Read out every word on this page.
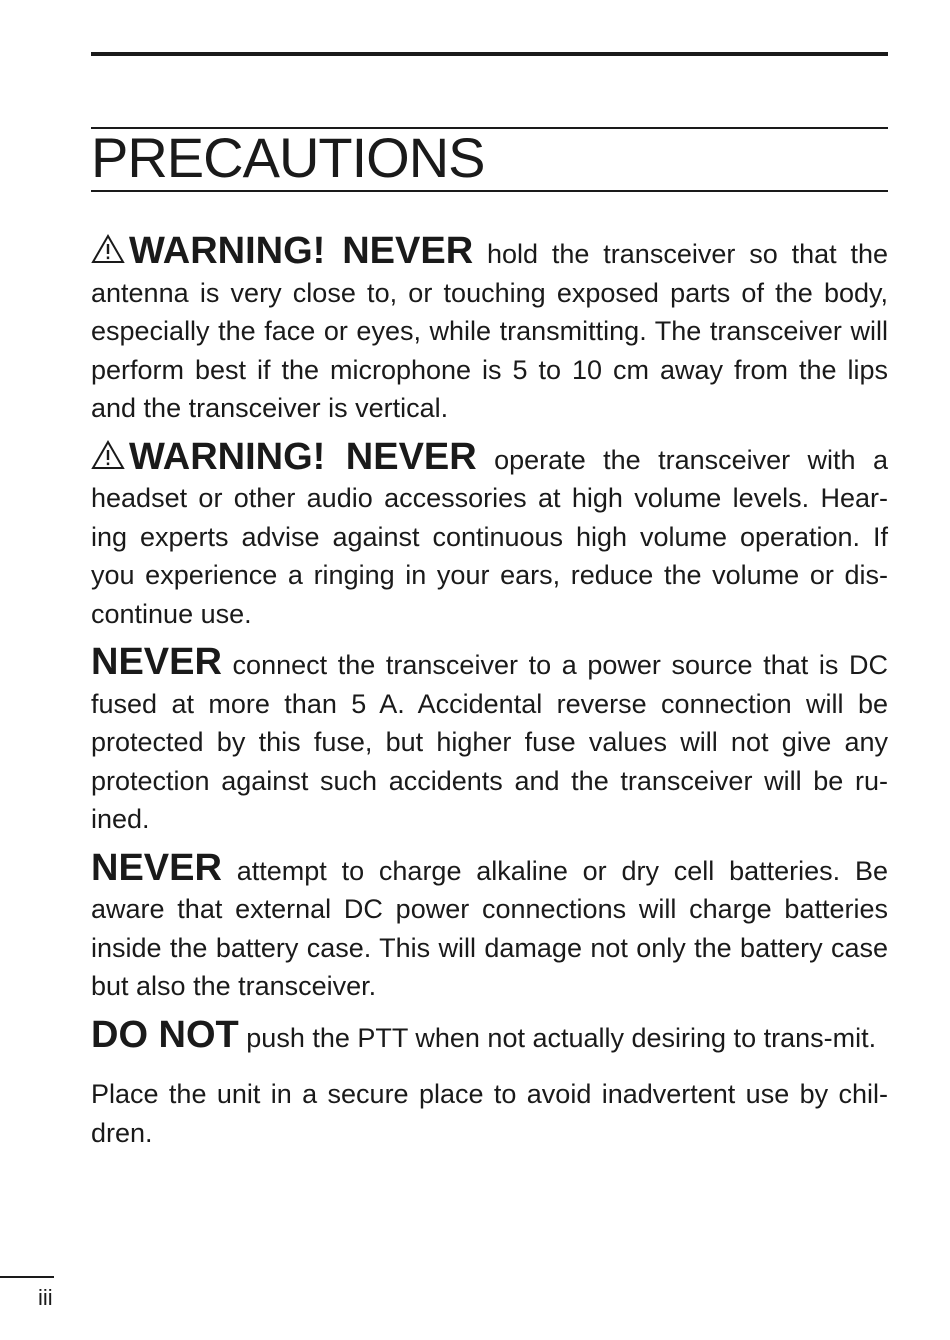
PRECAUTIONS

WARNING! NEVER hold the transceiver so that the antenna is very close to, or touching exposed parts of the body, especially the face or eyes, while transmitting. The transceiver will perform best if the microphone is 5 to 10 cm away from the lips and the transceiver is vertical.

WARNING! NEVER operate the transceiver with a headset or other audio accessories at high volume levels. Hear-ing experts advise against continuous high volume operation. If you experience a ringing in your ears, reduce the volume or dis-continue use.

NEVER connect the transceiver to a power source that is DC fused at more than 5 A. Accidental reverse connection will be protected by this fuse, but higher fuse values will not give any protection against such accidents and the transceiver will be ru-ined.

NEVER attempt to charge alkaline or dry cell batteries. Be aware that external DC power connections will charge batteries inside the battery case. This will damage not only the battery case but also the transceiver.

DO NOT push the PTT when not actually desiring to trans-mit.

Place the unit in a secure place to avoid inadvertent use by chil-dren.

iii
